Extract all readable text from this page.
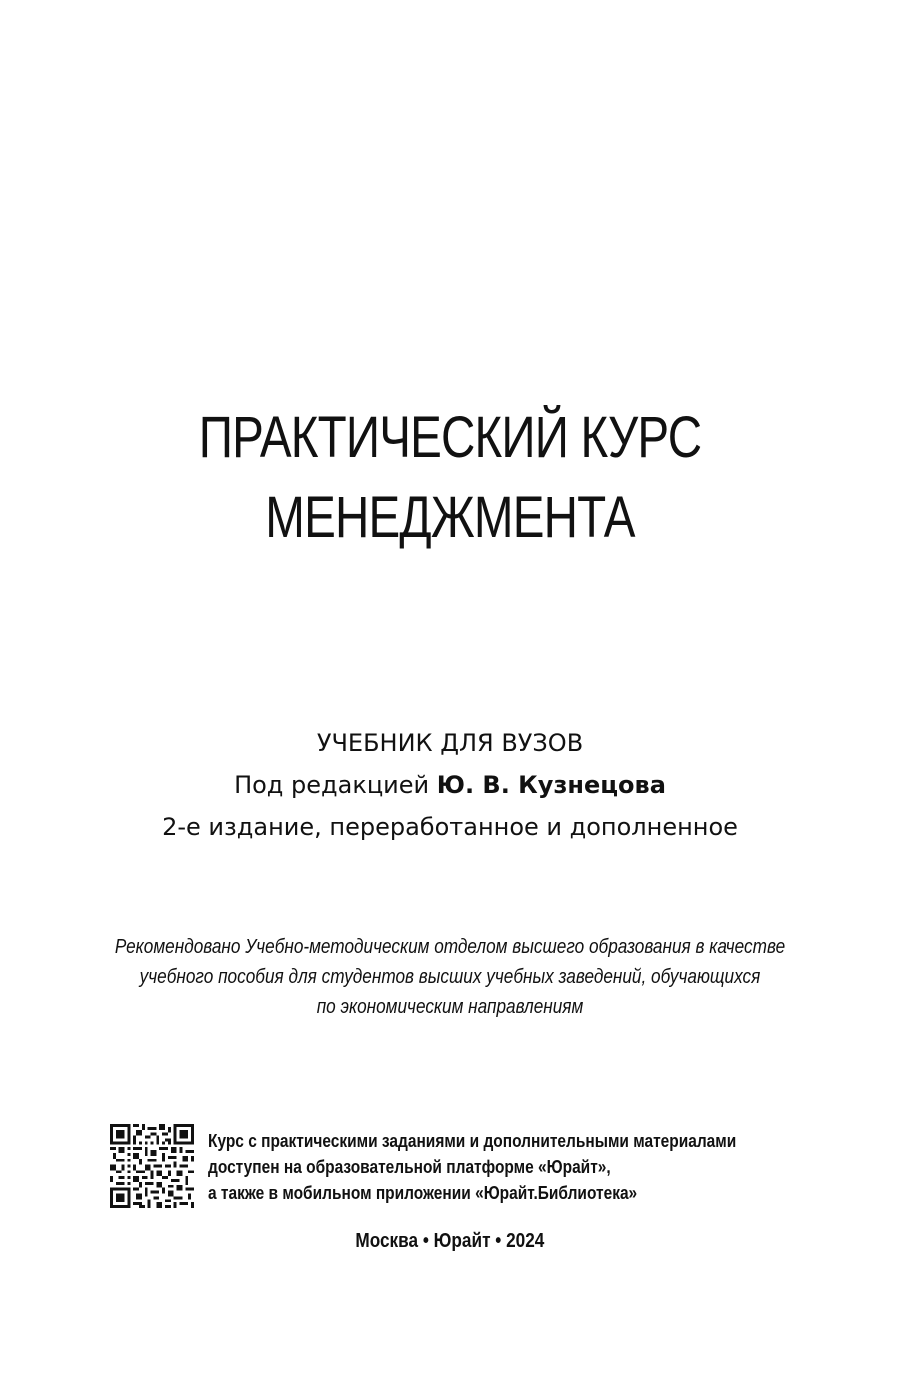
ПРАКТИЧЕСКИЙ КУРС
МЕНЕДЖМЕНТА
УЧЕБНИК ДЛЯ ВУЗОВ
Под редакцией Ю. В. Кузнецова
2-е издание, переработанное и дополненное
Рекомендовано Учебно-методическим отделом высшего образования в качестве
учебного пособия для студентов высших учебных заведений, обучающихся
по экономическим направлениям
Курс с практическими заданиями и дополнительными материалами
доступен на образовательной платформе «Юрайт»,
а также в мобильном приложении «Юрайт.Библиотека»
Москва • Юрайт • 2024
